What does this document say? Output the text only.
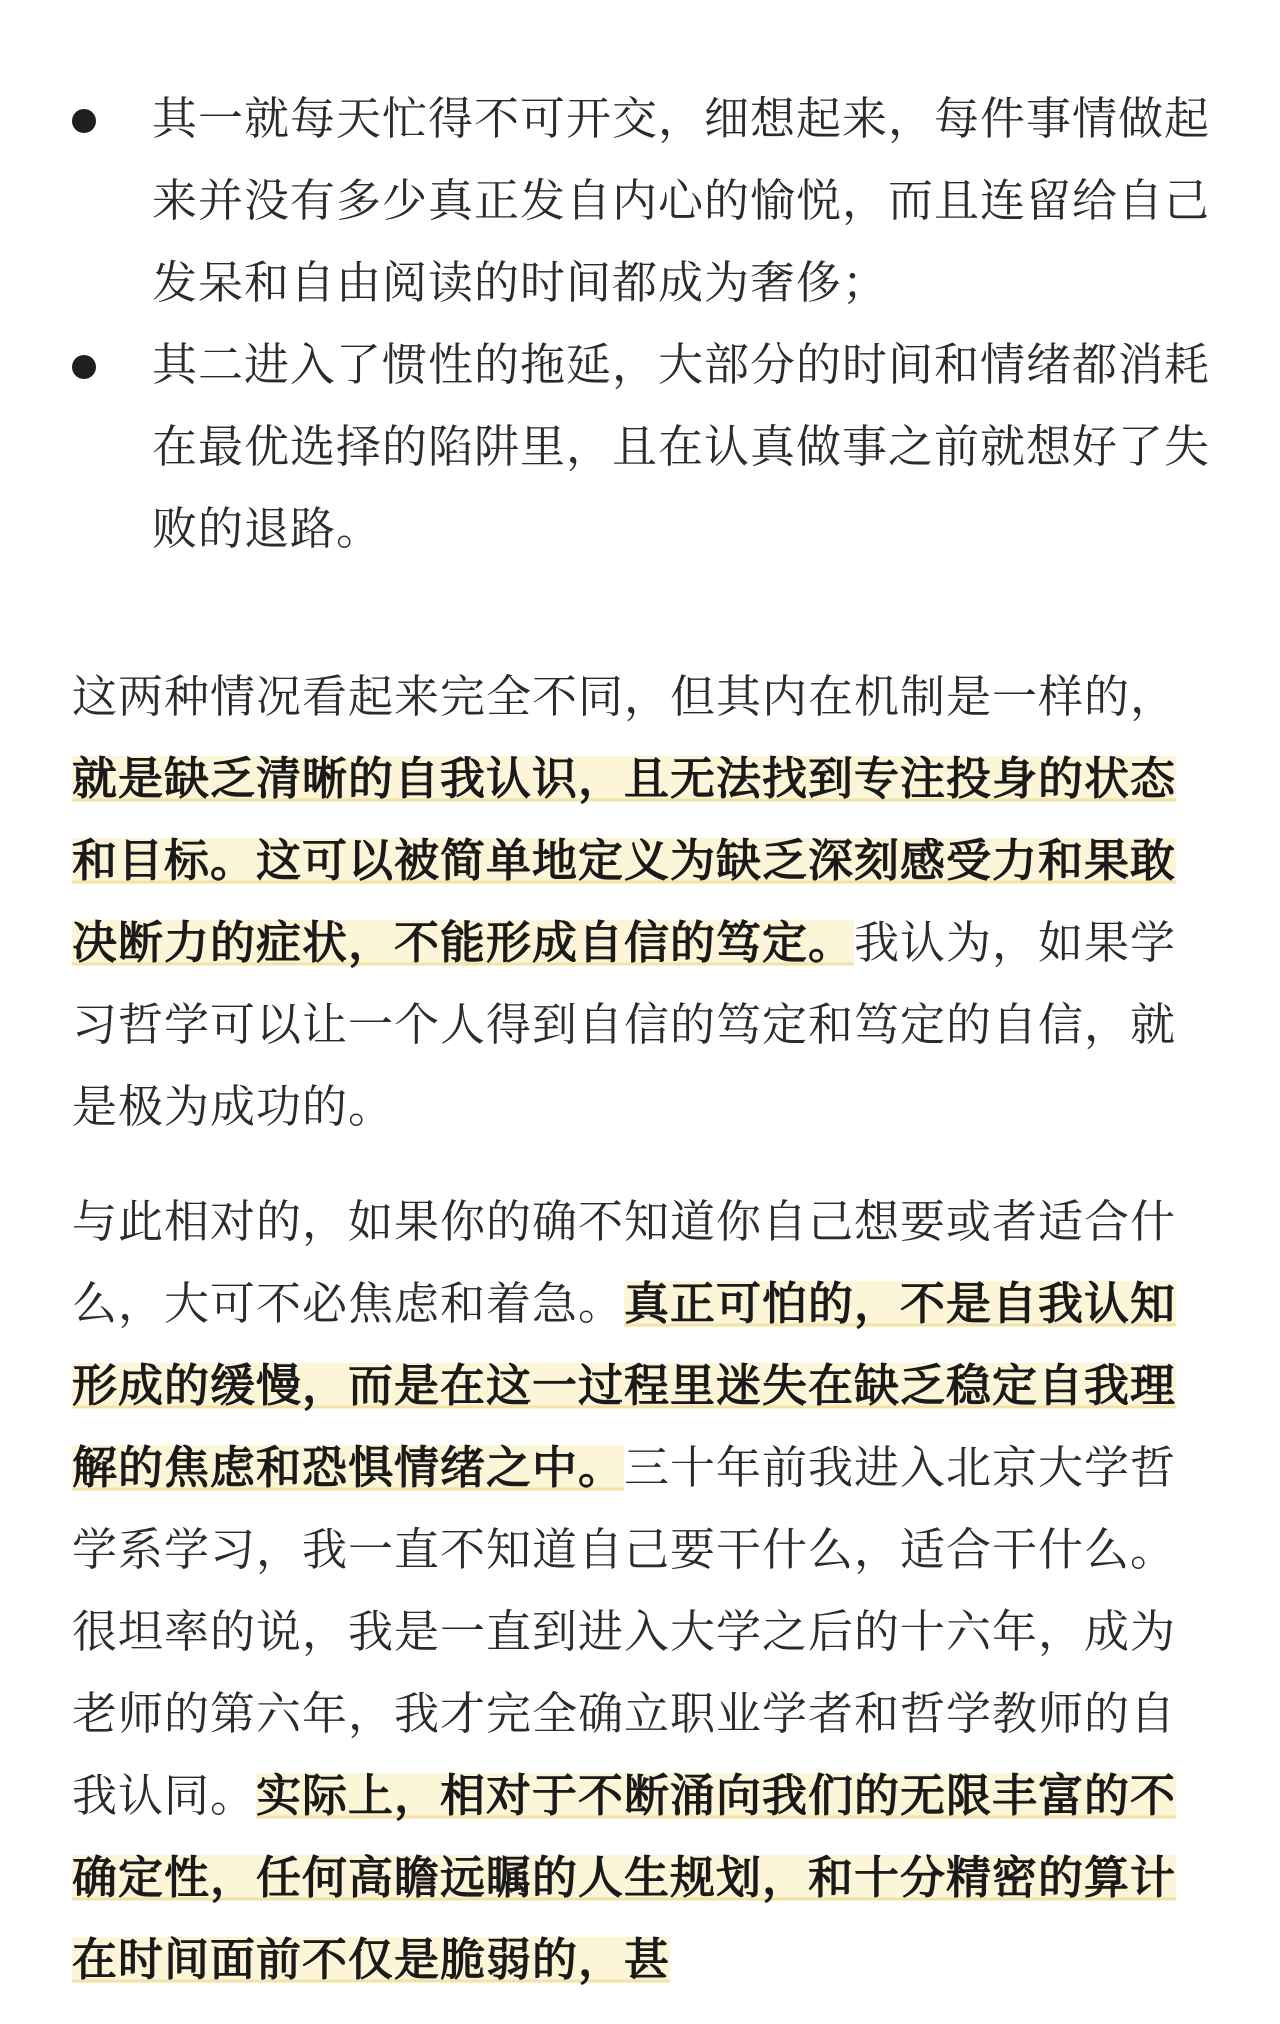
其一就每天忙得不可开交，细想起来，每件事情做起来并没有多少真正发自内心的愉悦，而且连留给自己发呆和自由阅读的时间都成为奢侈；
其二进入了惯性的拖延，大部分的时间和情绪都消耗在最优选择的陷阱里，且在认真做事之前就想好了失败的退路。

这两种情况看起来完全不同，但其内在机制是一样的，就是缺乏清晰的自我认识，且无法找到专注投身的状态和目标。这可以被简单地定义为缺乏深刻感受力和果敢决断力的症状，不能形成自信的笃定。我认为，如果学习哲学可以让一个人得到自信的笃定和笃定的自信，就是极为成功的。

与此相对的，如果你的确不知道你自己想要或者适合什么，大可不必焦虑和着急。真正可怕的，不是自我认知形成的缓慢，而是在这一过程里迷失在缺乏稳定自我理解的焦虑和恐惧情绪之中。三十年前我进入北京大学哲学系学习，我一直不知道自己要干什么，适合干什么。很坦率的说，我是一直到进入大学之后的十六年，成为老师的第六年，我才完全确立职业学者和哲学教师的自我认同。实际上，相对于不断涌向我们的无限丰富的不确定性，任何高瞻远瞩的人生规划，和十分精密的算计在时间面前不仅是脆弱的，甚
